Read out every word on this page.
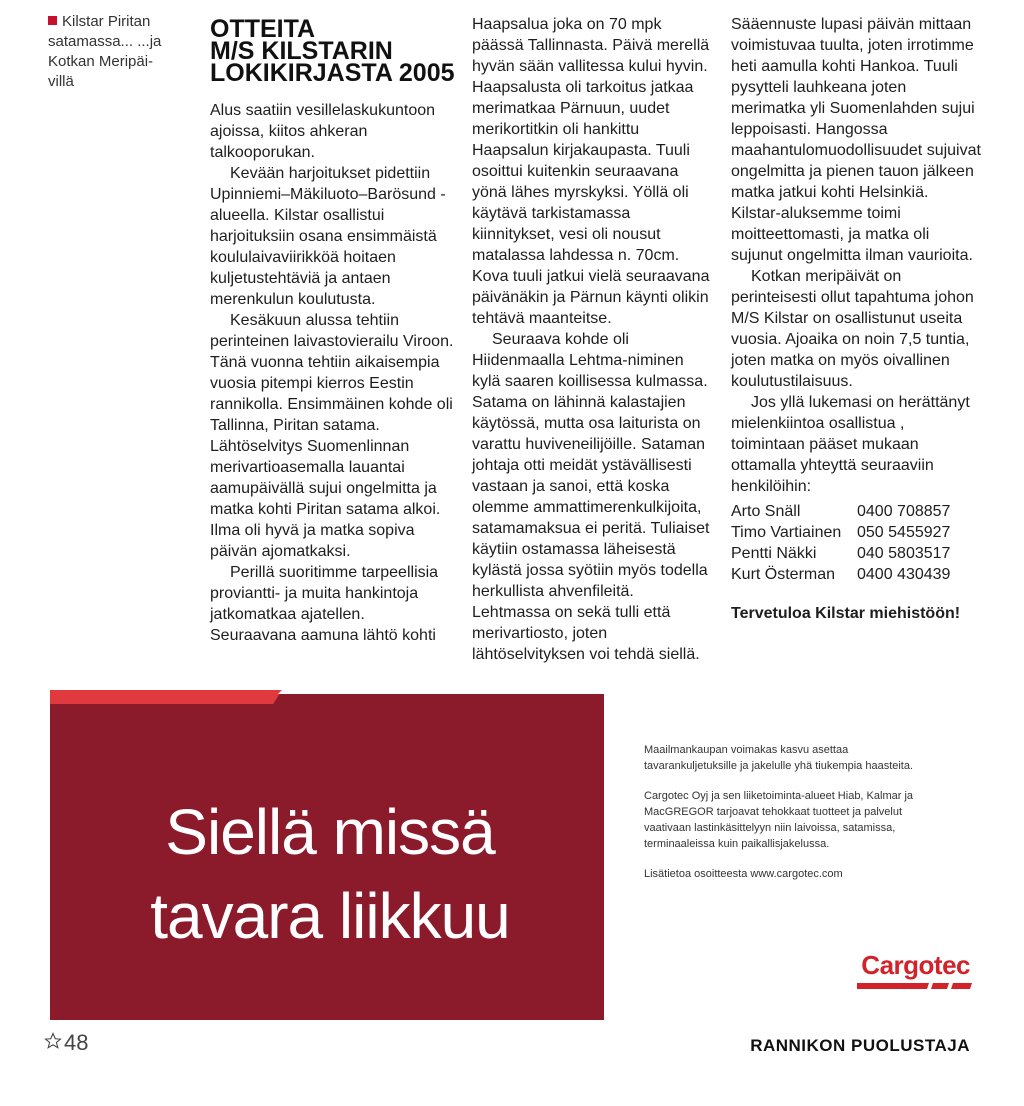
Kilstar Piritan
satamassa... ...ja
Kotkan Meripäi-
villä
OTTEITA
M/S KILSTARIN
LOKIKIRJASTA 2005

Alus saatiin vesillelaskukuntoon ajoissa, kiitos ahkeran talkooporukan.

Kevään harjoitukset pidettiin Upinniemi–Mäkiluoto–Barösund -alueella. Kilstar osallistui harjoituksiin osana ensimmäistä koululaivaviirikköä hoitaen kuljetustehtäviä ja antaen merenkulun koulutusta.

Kesäkuun alussa tehtiin perinteinen laivastovierailu Viroon. Tänä vuonna tehtiin aikaisempia vuosia pitempi kierros Eestin rannikolla. Ensimmäinen kohde oli Tallinna, Piritan satama. Lähtöselvitys Suomenlinnan merivartioasemalla lauantai aamupäivällä sujui ongelmitta ja matka kohti Piritan satama alkoi. Ilma oli hyvä ja matka sopiva päivän ajomatkaksi.

Perillä suoritimme tarpeellisia proviantti- ja muita hankintoja jatkomatkaa ajatellen. Seuraavana aamuna lähtö kohti

Haapsalua joka on 70 mpk päässä Tallinnasta. Päivä merellä hyvän sään vallitessa kului hyvin. Haapsalusta oli tarkoitus jatkaa merimatkaa Pärnuun, uudet merikortitkin oli hankittu Haapsalun kirjakaupasta. Tuuli osoittui kuitenkin seuraavana yönä lähes myrskyksi. Yöllä oli käytävä tarkistamassa kiinnitykset, vesi oli nousut matalassa lahdessa n. 70cm. Kova tuuli jatkui vielä seuraavana päivänäkin ja Pärnun käynti olikin tehtävä maanteitse.

Seuraava kohde oli Hiidenmaalla Lehtma-niminen kylä saaren koillisessa kulmassa. Satama on lähinnä kalastajien käytössä, mutta osa laiturista on varattu huviveneilijöille. Sataman johtaja otti meidät ystävällisesti vastaan ja sanoi, että koska olemme ammattimerenkulkijoita, satamamaksua ei peritä. Tuliaiset käytiin ostamassa läheisestä kylästä jossa syötiin myös todella herkullista ahvenfileitä. Lehtmassa on sekä tulli että merivartiosto, joten lähtöselvityksen voi tehdä siellä.

Sääennuste lupasi päivän mittaan voimistuvaa tuulta, joten irrotimme heti aamulla kohti Hankoa. Tuuli pysytteli lauhkeana joten merimatka yli Suomenlahden sujui leppoisasti. Hangossa maahantulomuodollisuudet sujuivat ongelmitta ja pienen tauon jälkeen matka jatkui kohti Helsinkiä. Kilstar-aluksemme toimi moitteettomasti, ja matka oli sujunut ongelmitta ilman vaurioita.

Kotkan meripäivät on perinteisesti ollut tapahtuma johon M/S Kilstar on osallistunut useita vuosia. Ajoaika on noin 7,5 tuntia, joten matka on myös oivallinen koulutustilaisuus.

Jos yllä lukemasi on herättänyt mielenkiintoa osallistua , toimintaan pääset mukaan ottamalla yhteyttä seuraaviin henkilöihin:

Arto Snäll	0400 708857
Timo Vartiainen 050 5455927
Pentti Näkki	040 5803517
Kurt Österman	0400 430439
Tervetuloa Kilstar miehistöön!
Siellä missä
tavara liikkuu

Maailmankaupan voimakas kasvu asettaa tavarankuljetuksille ja jakelulle yhä tiukempia haasteita.

Cargotec Oyj ja sen liiketoiminta-alueet Hiab, Kalmar ja MacGREGOR tarjoavat tehokkaat tuotteet ja palvelut vaativaan lastinkäsittelyyn niin laivoissa, satamissa, terminaaleissa kuin paikallisjakelussa.

Lisätietoa osoitteesta www.cargotec.com

Cargotec
48	RANNIKON PUOLUSTAJA
